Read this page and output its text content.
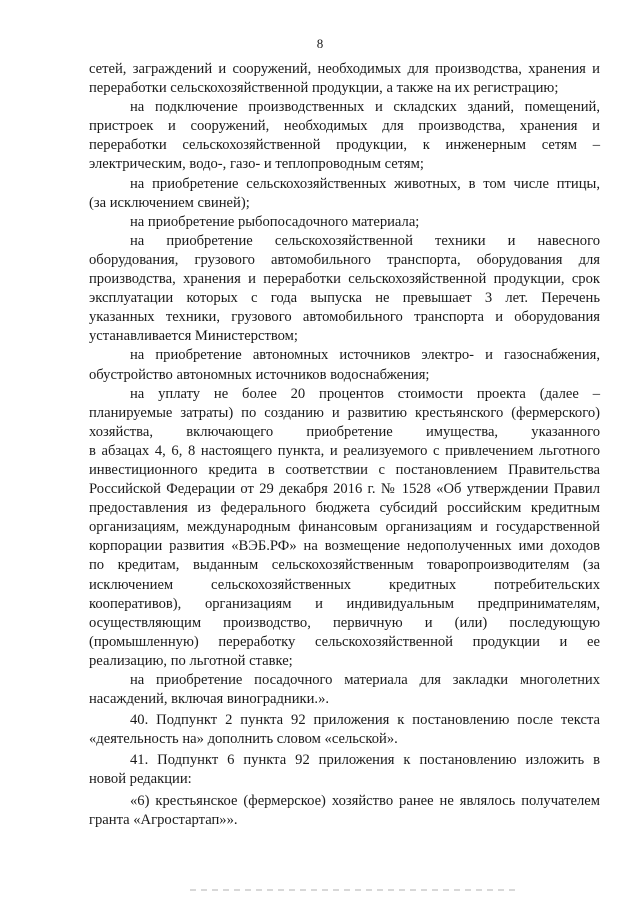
8

сетей, заграждений и сооружений, необходимых для производства, хранения и

переработки сельскохозяйственной продукции, а также на их регистрацию;

на подключение производственных и складских зданий, помещений,

пристроек и сооружений, необходимых для производства, хранения и

переработки сельскохозяйственной продукции, к инженерным сетям –

электрическим, водо-, газо- и теплопроводным сетям;

на приобретение сельскохозяйственных животных, в том числе птицы,

(за исключением свиней);

на приобретение рыбопосадочного материала;

на приобретение сельскохозяйственной техники и навесного

оборудования, грузового автомобильного транспорта, оборудования для

производства, хранения и переработки сельскохозяйственной продукции, срок

эксплуатации которых с года выпуска не превышает 3 лет. Перечень

указанных техники, грузового автомобильного транспорта и оборудования

устанавливается Министерством;

на приобретение автономных источников электро- и газоснабжения,

обустройство автономных источников водоснабжения;

на уплату не более 20 процентов стоимости проекта (далее –

планируемые затраты) по созданию и развитию крестьянского (фермерского)

хозяйства, включающего приобретение имущества, указанного

в абзацах 4, 6, 8 настоящего пункта, и реализуемого с привлечением льготного

инвестиционного кредита в соответствии с постановлением Правительства

Российской Федерации от 29 декабря 2016 г. № 1528 «Об утверждении Правил

предоставления из федерального бюджета субсидий российским кредитным

организациям, международным финансовым организациям и государственной

корпорации развития «ВЭБ.РФ» на возмещение недополученных ими доходов

по кредитам, выданным сельскохозяйственным товаропроизводителям (за

исключением сельскохозяйственных кредитных потребительских

кооперативов), организациям и индивидуальным предпринимателям,

осуществляющим производство, первичную и (или) последующую

(промышленную) переработку сельскохозяйственной продукции и ее

реализацию, по льготной ставке;

на приобретение посадочного материала для закладки многолетних

насаждений, включая виноградники.».

40. Подпункт 2 пункта 92 приложения к постановлению после текста

«деятельность на» дополнить словом «сельской».

41. Подпункт 6 пункта 92 приложения к постановлению изложить в

новой редакции:

«6) крестьянское (фермерское) хозяйство ранее не являлось получателем

гранта «Агростартап»».
